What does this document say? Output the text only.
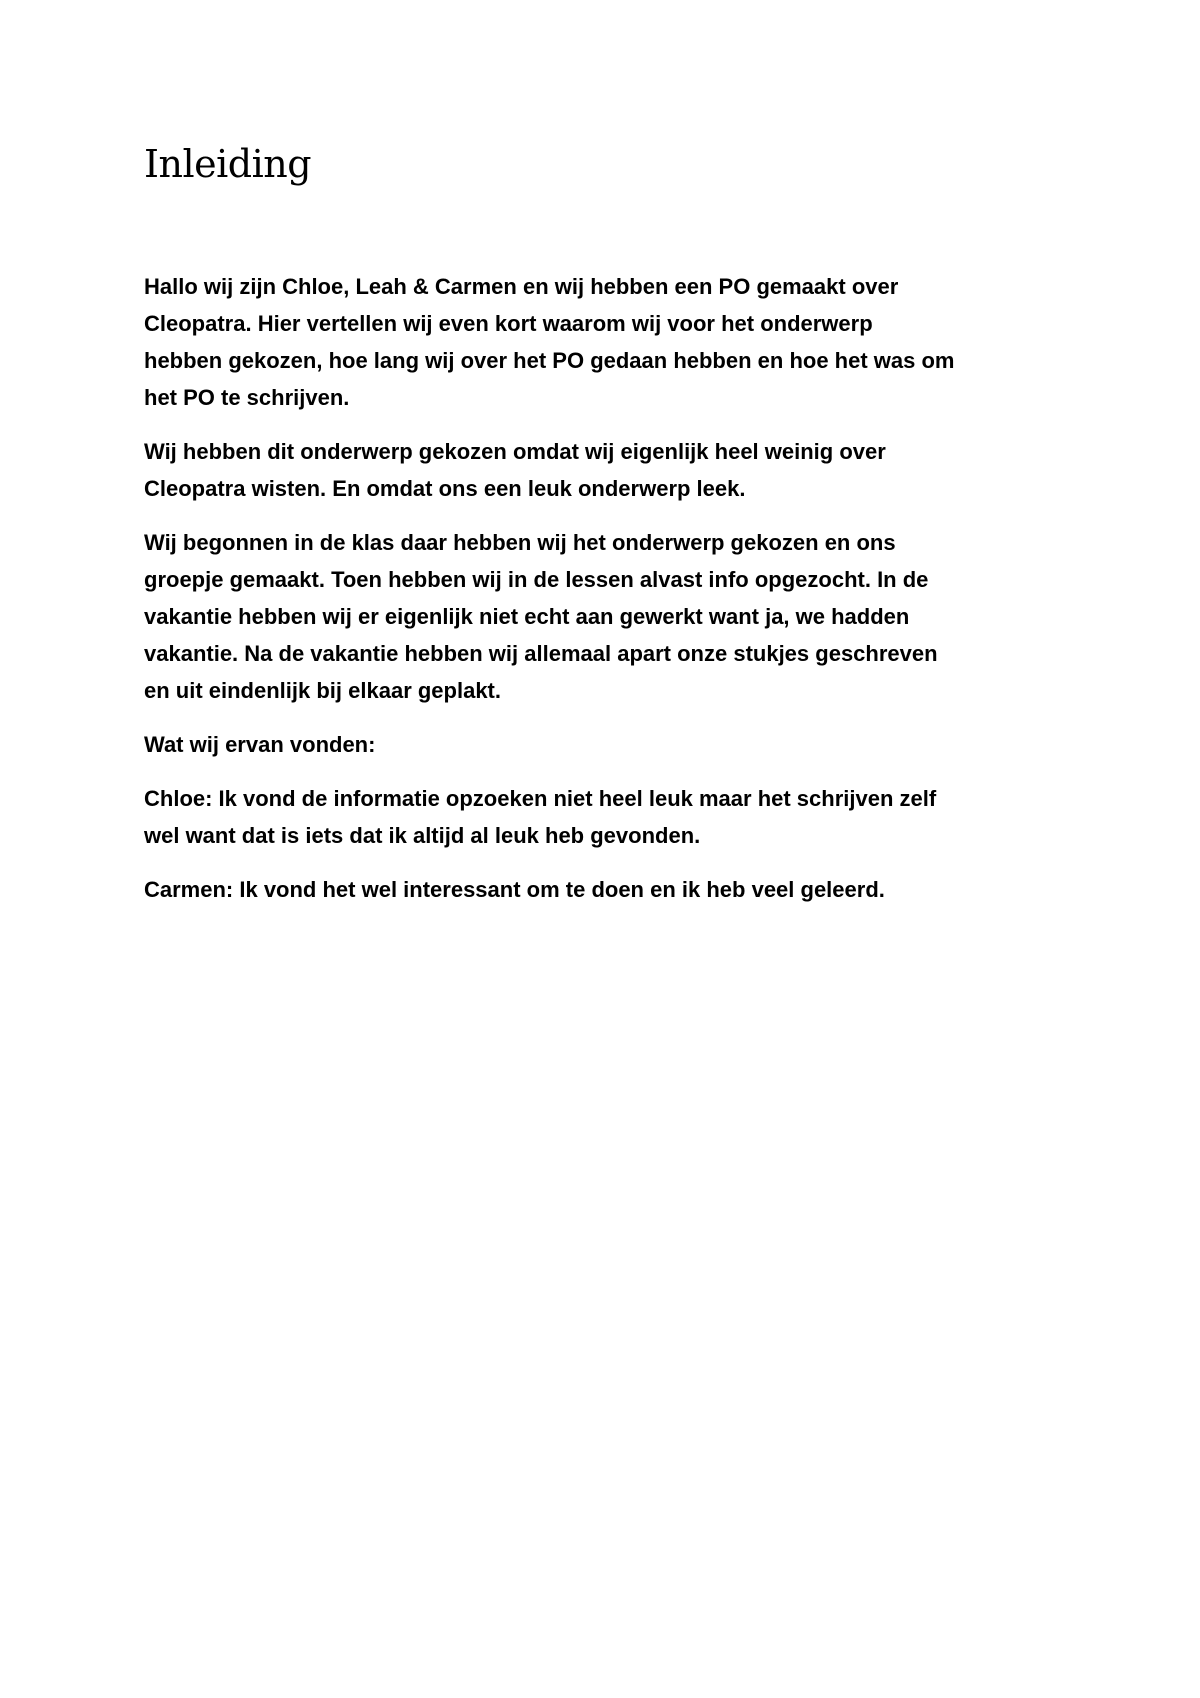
Inleiding

Hallo wij zijn Chloe, Leah & Carmen en wij hebben een PO gemaakt over
Cleopatra. Hier vertellen wij even kort waarom wij voor het onderwerp
hebben gekozen, hoe lang wij over het PO gedaan hebben en hoe het was om
het PO te schrijven.

Wij hebben dit onderwerp gekozen omdat wij eigenlijk heel weinig over
Cleopatra wisten. En omdat ons een leuk onderwerp leek.

Wij begonnen in de klas daar hebben wij het onderwerp gekozen en ons
groepje gemaakt. Toen hebben wij in de lessen alvast info opgezocht. In de
vakantie hebben wij er eigenlijk niet echt aan gewerkt want ja, we hadden
vakantie. Na de vakantie hebben wij allemaal apart onze stukjes geschreven
en uit eindenlijk bij elkaar geplakt.

Wat wij ervan vonden:

Chloe: Ik vond de informatie opzoeken niet heel leuk maar het schrijven zelf
wel want dat is iets dat ik altijd al leuk heb gevonden.

Carmen: Ik vond het wel interessant om te doen en ik heb veel geleerd.
